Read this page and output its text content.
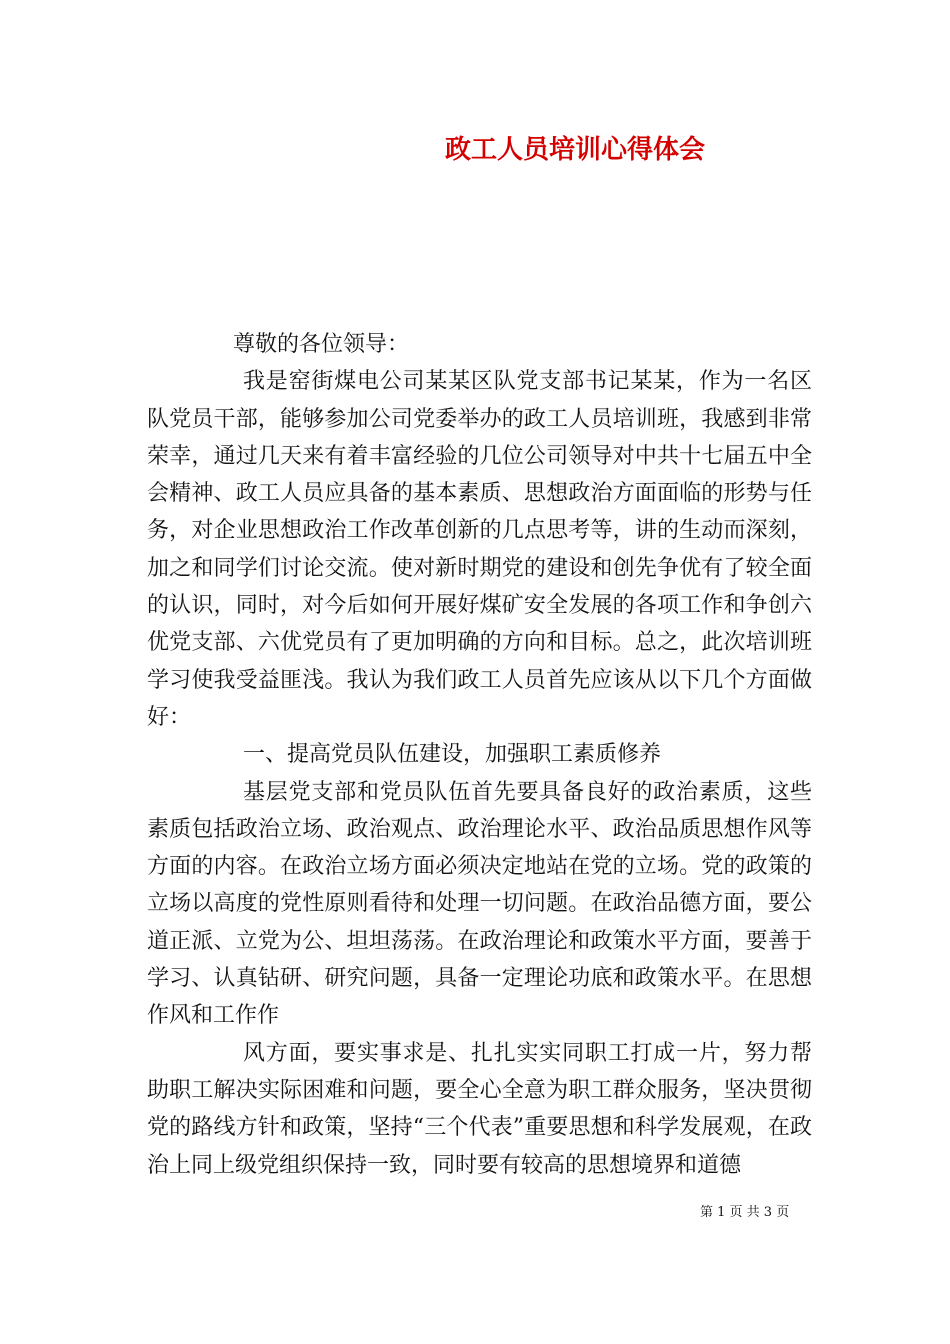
政工人员培训心得体会

尊敬的各位领导：

我是窑街煤电公司某某区队党支部书记某某，作为一名区队党员干部，能够参加公司党委举办的政工人员培训班，我感到非常荣幸，通过几天来有着丰富经验的几位公司领导对中共十七届五中全会精神、政工人员应具备的基本素质、思想政治方面面临的形势与任务，对企业思想政治工作改革创新的几点思考等，讲的生动而深刻，加之和同学们讨论交流。使对新时期党的建设和创先争优有了较全面的认识，同时，对今后如何开展好煤矿安全发展的各项工作和争创六优党支部、六优党员有了更加明确的方向和目标。总之，此次培训班学习使我受益匪浅。我认为我们政工人员首先应该从以下几个方面做好：

一、提高党员队伍建设，加强职工素质修养

基层党支部和党员队伍首先要具备良好的政治素质，这些素质包括政治立场、政治观点、政治理论水平、政治品质思想作风等方面的内容。在政治立场方面必须决定地站在党的立场。党的政策的立场以高度的党性原则看待和处理一切问题。在政治品德方面，要公道正派、立党为公、坦坦荡荡。在政治理论和政策水平方面，要善于学习、认真钻研、研究问题，具备一定理论功底和政策水平。在思想作风和工作作

风方面，要实事求是、扎扎实实同职工打成一片，努力帮助职工解决实际困难和问题，要全心全意为职工群众服务，坚决贯彻党的路线方针和政策，坚持“三个代表”重要思想和科学发展观，在政治上同上级党组织保持一致，同时要有较高的思想境界和道德

第 1 页 共 3 页
